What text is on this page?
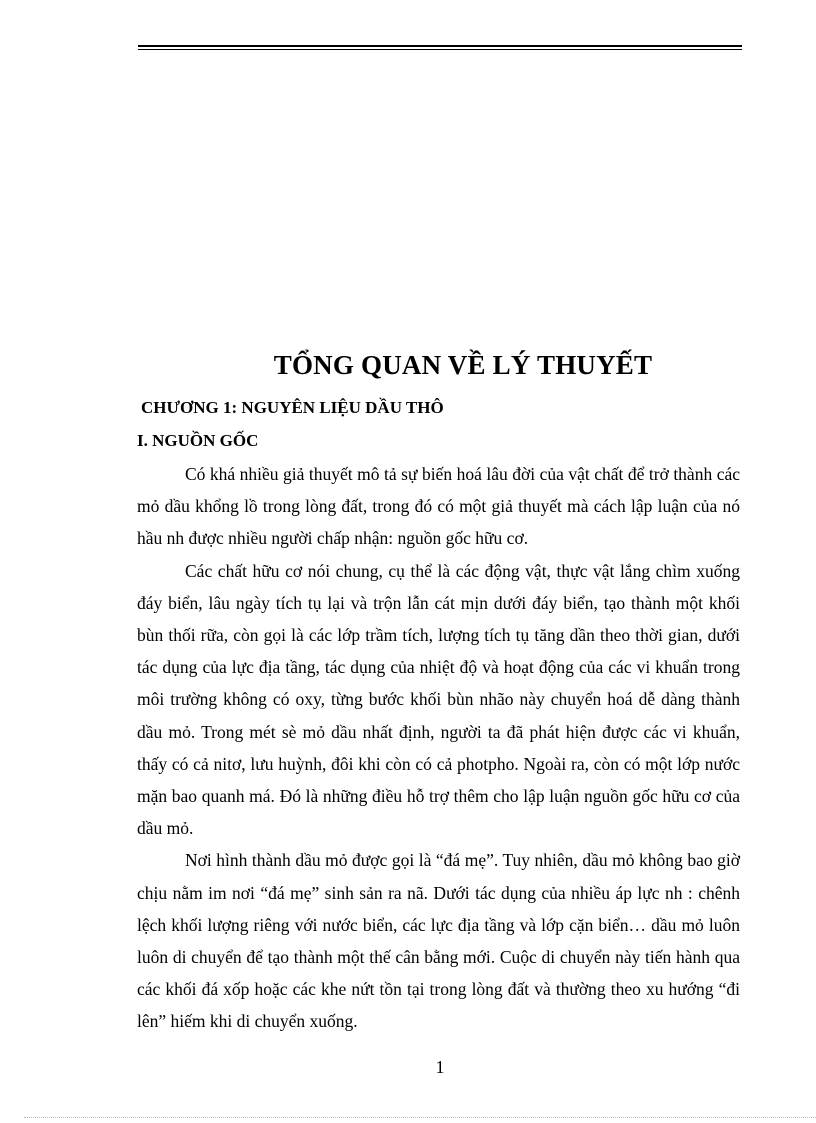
TỔNG QUAN VỀ LÝ THUYẾT
CHƯƠNG 1: NGUYÊN LIỆU DẦU THÔ
I. NGUỒN GỐC

Có khá nhiều giả thuyết mô tả sự biến hoá lâu đời của vật chất để trở thành các mỏ dầu khổng lồ trong lòng đất, trong đó có một giả thuyết mà cách lập luận của nó hầu nh được nhiều người chấp nhận: nguồn gốc hữu cơ.

Các chất hữu cơ nói chung, cụ thể là các động vật, thực vật lắng chìm xuống đáy biển, lâu ngày tích tụ lại và trộn lẫn cát mịn dưới đáy biển, tạo thành một khối bùn thối rữa, còn gọi là các lớp trầm tích, lượng tích tụ tăng dần theo thời gian, dưới tác dụng của lực địa tầng, tác dụng của nhiệt độ và hoạt động của các vi khuẩn trong môi trường không có oxy, từng bước khối bùn nhão này chuyển hoá dễ dàng thành dầu mỏ. Trong mét sè mỏ dầu nhất định, người ta đã phát hiện được các vi khuẩn, thấy có cả nitơ, lưu huỳnh, đôi khi còn có cả photpho. Ngoài ra, còn có một lớp nước mặn bao quanh má. Đó là những điều hỗ trợ thêm cho lập luận nguồn gốc hữu cơ của dầu mỏ.

Nơi hình thành dầu mỏ được gọi là “đá mẹ”. Tuy nhiên, dầu mỏ không bao giờ chịu nằm im nơi “đá mẹ” sinh sản ra nã. Dưới tác dụng của nhiều áp lực nh : chênh lệch khối lượng riêng với nước biển, các lực địa tầng và lớp cặn biển… dầu mỏ luôn luôn di chuyển để tạo thành một thế cân bằng mới. Cuộc di chuyển này tiến hành qua các khối đá xốp hoặc các khe nứt tồn tại trong lòng đất và thường theo xu hướng “đi lên” hiếm khi di chuyển xuống.

1
